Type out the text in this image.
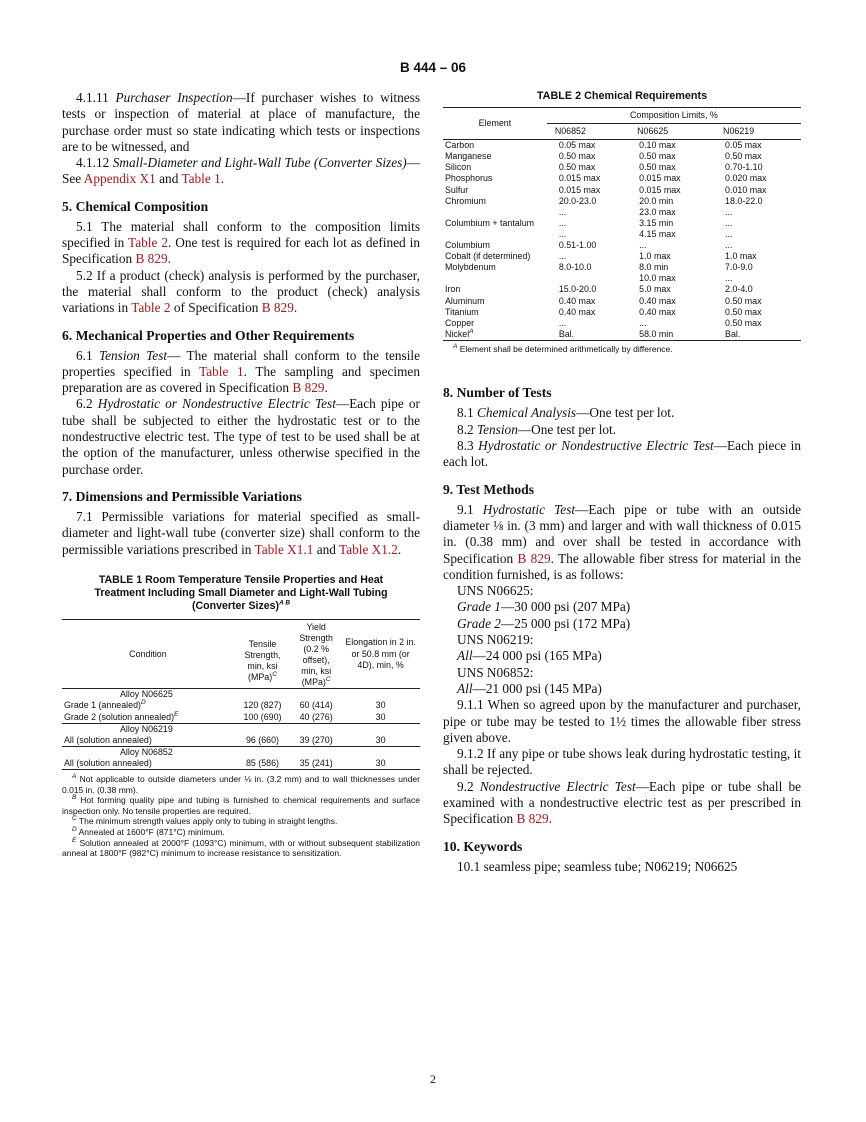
B 444 – 06

4.1.11 Purchaser Inspection—If purchaser wishes to witness tests or inspection of material at place of manufacture, the purchase order must so state indicating which tests or inspections are to be witnessed, and

4.1.12 Small-Diameter and Light-Wall Tube (Converter Sizes)—See Appendix X1 and Table 1.

5. Chemical Composition

5.1 The material shall conform to the composition limits specified in Table 2. One test is required for each lot as defined in Specification B 829.

5.2 If a product (check) analysis is performed by the purchaser, the material shall conform to the product (check) analysis variations in Table 2 of Specification B 829.

6. Mechanical Properties and Other Requirements

6.1 Tension Test— The material shall conform to the tensile properties specified in Table 1. The sampling and specimen preparation are as covered in Specification B 829.

6.2 Hydrostatic or Nondestructive Electric Test—Each pipe or tube shall be subjected to either the hydrostatic test or to the nondestructive electric test. The type of test to be used shall be at the option of the manufacturer, unless otherwise specified in the purchase order.

7. Dimensions and Permissible Variations

7.1 Permissible variations for material specified as small-diameter and light-wall tube (converter size) shall conform to the permissible variations prescribed in Table X1.1 and Table X1.2.

TABLE 1 Room Temperature Tensile Properties and Heat Treatment Including Small Diameter and Light-Wall Tubing (Converter Sizes)$^{A B}$
Condition	Tensile Strength, min, ksi (MPa)$^C$	Yield Strength (0.2 % offset), min, ksi (MPa)$^C$	Elongation in 2 in. or 50.8 mm (or 4D), min, %
Alloy N06625			
Grade 1 (annealed)$^D$	120 (827)	60 (414)	30
Grade 2 (solution annealed)$^E$	100 (690)	40 (276)	30
Alloy N06219			
All (solution annealed)	96 (660)	39 (270)	30
Alloy N06852			
All (solution annealed)	85 (586)	35 (241)	30

$^A$ Not applicable to outside diameters under ⅛ in. (3.2 mm) and to wall thicknesses under 0.015 in. (0.38 mm).

$^B$ Hot forming quality pipe and tubing is furnished to chemical requirements and surface inspection only. No tensile properties are required.

$^C$ The minimum strength values apply only to tubing in straight lengths.

$^D$ Annealed at 1600°F (871°C) minimum.

$^E$ Solution annealed at 2000°F (1093°C) minimum, with or without subsequent stabilization anneal at 1800°F (982°C) minimum to increase resistance to sensitization.

TABLE 2 Chemical Requirements
Element	Composition Limits, %		
	N06852	N06625	N06219
Carbon	0.05 max	0.10 max	0.05 max
Manganese	0.50 max	0.50 max	0.50 max
Silicon	0.50 max	0.50 max	0.70-1.10
Phosphorus	0.015 max	0.015 max	0.020 max
Sulfur	0.015 max	0.015 max	0.010 max
Chromium	20.0-23.0	20.0 min	18.0-22.0
	...	23.0 max	...
Columbium + tantalum	...	3.15 min	...
	...	4.15 max	...
Columbium	0.51-1.00	...	...
Cobalt (if determined)	...	1.0 max	1.0 max
Molybdenum	8.0-10.0	8.0 min	7.0-9.0
		10.0 max	...
Iron	15.0-20.0	5.0 max	2.0-4.0
Aluminum	0.40 max	0.40 max	0.50 max
Titanium	0.40 max	0.40 max	0.50 max
Copper	...	...	0.50 max
Nickel$^A$	Bal.	58.0 min	Bal.
$^A$ Element shall be determined arithmetically by difference.
8. Number of Tests

8.1 Chemical Analysis—One test per lot.

8.2 Tension—One test per lot.

8.3 Hydrostatic or Nondestructive Electric Test—Each piece in each lot.

9. Test Methods

9.1 Hydrostatic Test—Each pipe or tube with an outside diameter ⅛ in. (3 mm) and larger and with wall thickness of 0.015 in. (0.38 mm) and over shall be tested in accordance with Specification B 829. The allowable fiber stress for material in the condition furnished, is as follows:

UNS N06625:

Grade 1—30 000 psi (207 MPa)

Grade 2—25 000 psi (172 MPa)

UNS N06219:

All—24 000 psi (165 MPa)

UNS N06852:

All—21 000 psi (145 MPa)

9.1.1 When so agreed upon by the manufacturer and purchaser, pipe or tube may be tested to 1½ times the allowable fiber stress given above.

9.1.2 If any pipe or tube shows leak during hydrostatic testing, it shall be rejected.

9.2 Nondestructive Electric Test—Each pipe or tube shall be examined with a nondestructive electric test as per prescribed in Specification B 829.

10. Keywords

10.1 seamless pipe; seamless tube; N06219; N06625

2
